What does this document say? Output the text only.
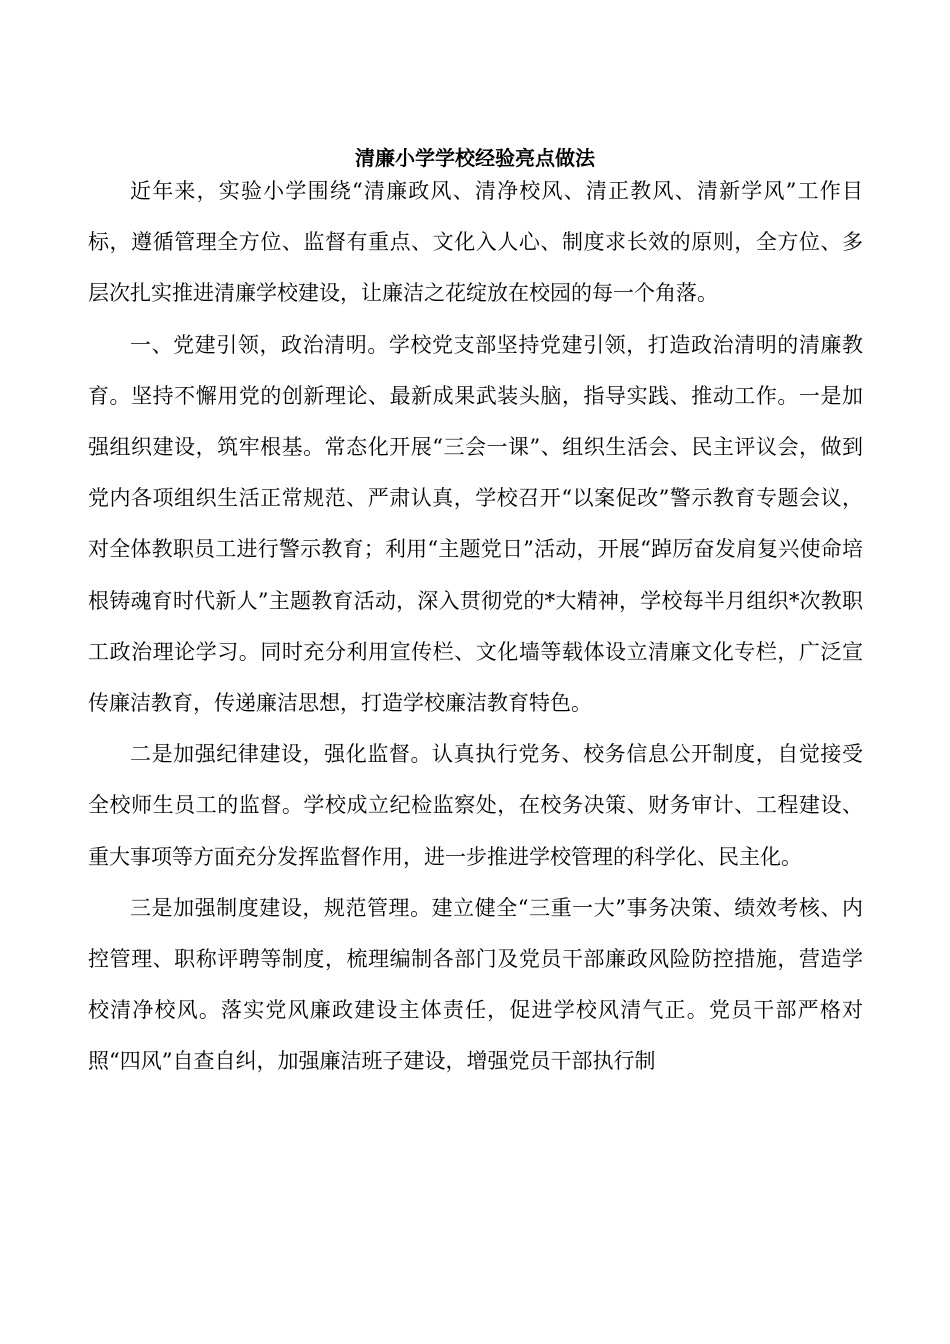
清廉小学学校经验亮点做法

近年来，实验小学围绕“清廉政风、清净校风、清正教风、清新学风”工作目标，遵循管理全方位、监督有重点、文化入人心、制度求长效的原则，全方位、多层次扎实推进清廉学校建设，让廉洁之花绽放在校园的每一个角落。

一、党建引领，政治清明。学校党支部坚持党建引领，打造政治清明的清廉教育。坚持不懈用党的创新理论、最新成果武装头脑，指导实践、推动工作。一是加强组织建设，筑牢根基。常态化开展“三会一课”、组织生活会、民主评议会，做到党内各项组织生活正常规范、严肃认真，学校召开“以案促改”警示教育专题会议，对全体教职员工进行警示教育；利用“主题党日”活动，开展“踔厉奋发肩复兴使命培根铸魂育时代新人”主题教育活动，深入贯彻党的*大精神，学校每半月组织*次教职工政治理论学习。同时充分利用宣传栏、文化墙等载体设立清廉文化专栏，广泛宣传廉洁教育，传递廉洁思想，打造学校廉洁教育特色。

二是加强纪律建设，强化监督。认真执行党务、校务信息公开制度，自觉接受全校师生员工的监督。学校成立纪检监察处，在校务决策、财务审计、工程建设、重大事项等方面充分发挥监督作用，进一步推进学校管理的科学化、民主化。

三是加强制度建设，规范管理。建立健全“三重一大”事务决策、绩效考核、内控管理、职称评聘等制度，梳理编制各部门及党员干部廉政风险防控措施，营造学校清净校风。落实党风廉政建设主体责任，促进学校风清气正。党员干部严格对照“四风”自查自纠，加强廉洁班子建设，增强党员干部执行制
